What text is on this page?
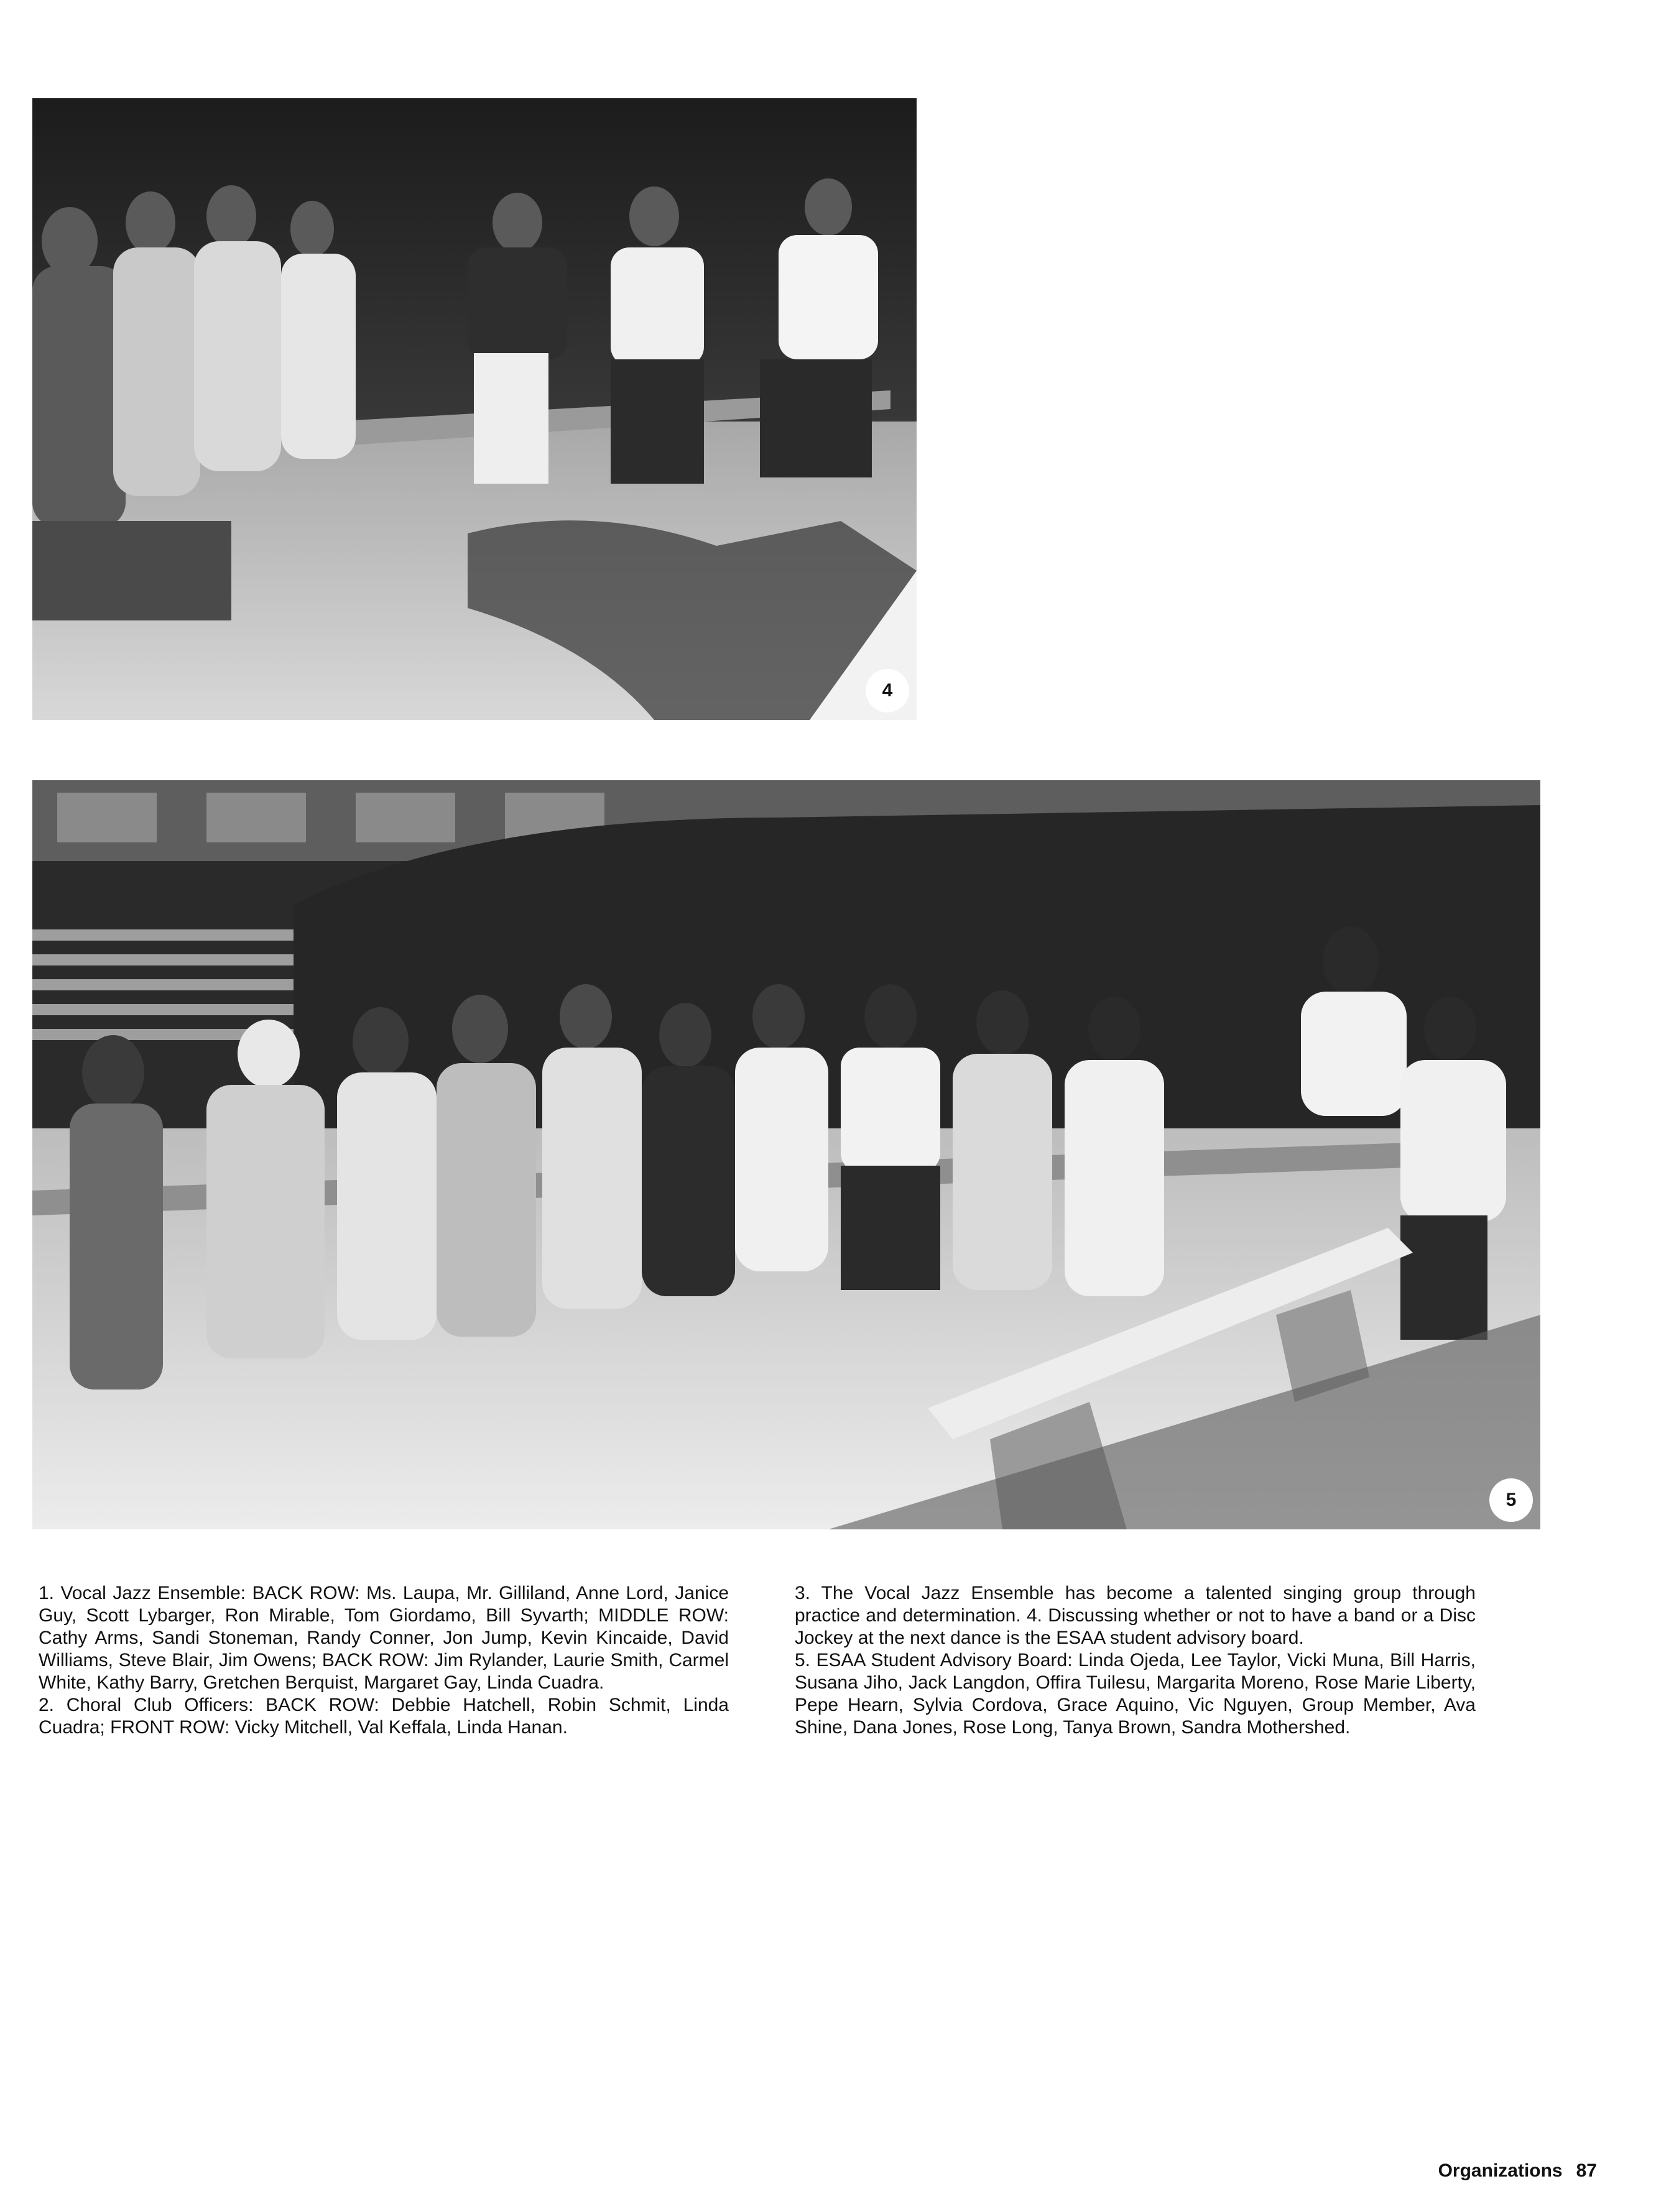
4
5

1. Vocal Jazz Ensemble: BACK ROW: Ms. Laupa, Mr. Gilliland, Anne Lord, Janice Guy, Scott Lybarger, Ron Mirable, Tom Giordamo, Bill Syvarth; MIDDLE ROW: Cathy Arms, Sandi Stoneman, Randy Conner, Jon Jump, Kevin Kincaide, David Williams, Steve Blair, Jim Owens; BACK ROW: Jim Rylander, Laurie Smith, Carmel White, Kathy Barry, Gretchen Berquist, Margaret Gay, Linda Cuadra.

2. Choral Club Officers: BACK ROW: Debbie Hatchell, Robin Schmit, Linda Cuadra; FRONT ROW: Vicky Mitchell, Val Keffala, Linda Hanan.

3. The Vocal Jazz Ensemble has become a talented singing group through practice and determination. 4. Discussing whether or not to have a band or a Disc Jockey at the next dance is the ESAA student advisory board.

5. ESAA Student Advisory Board: Linda Ojeda, Lee Taylor, Vicki Muna, Bill Harris, Susana Jiho, Jack Langdon, Offira Tuilesu, Margarita Moreno, Rose Marie Liberty, Pepe Hearn, Sylvia Cordova, Grace Aquino, Vic Nguyen, Group Member, Ava Shine, Dana Jones, Rose Long, Tanya Brown, Sandra Mothershed.

Organizations 87
